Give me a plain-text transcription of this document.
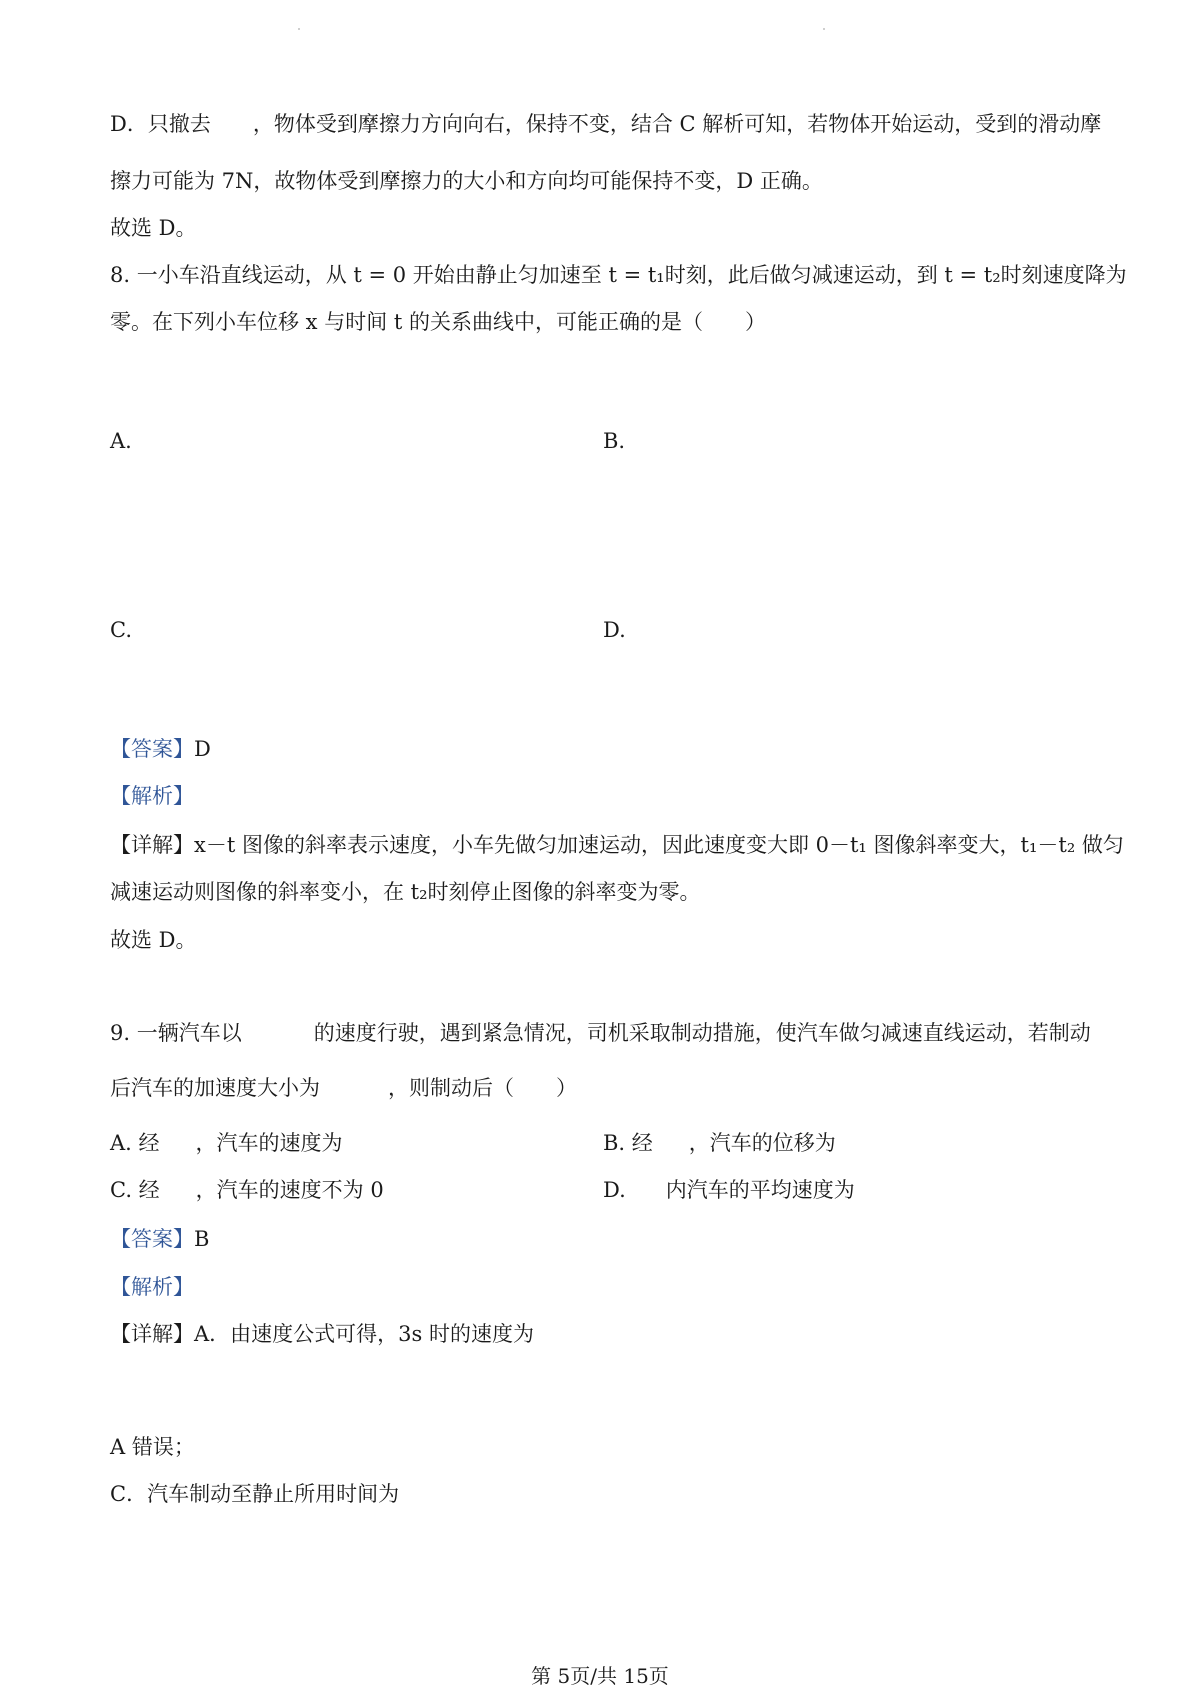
D．只撤去 ，物体受到摩擦力方向向右，保持不变，结合 C 解析可知，若物体开始运动，受到的滑动摩
擦力可能为 7N，故物体受到摩擦力的大小和方向均可能保持不变，D 正确。
故选 D。
8. 一小车沿直线运动，从 t = 0 开始由静止匀加速至 t = t₁时刻，此后做匀减速运动，到 t = t₂时刻速度降为
零。在下列小车位移 x 与时间 t 的关系曲线中，可能正确的是（　　）
A.	B.
C.	D.
【答案】D
【解析】
【详解】x－t 图像的斜率表示速度，小车先做匀加速运动，因此速度变大即 0－t₁ 图像斜率变大，t₁－t₂ 做匀
减速运动则图像的斜率变小，在 t₂时刻停止图像的斜率变为零。
故选 D。
9. 一辆汽车以	的速度行驶，遇到紧急情况，司机采取制动措施，使汽车做匀减速直线运动，若制动
后汽车的加速度大小为	，则制动后（　　）
A. 经 ，汽车的速度为	B. 经 ，汽车的位移为
C. 经 ，汽车的速度不为 0	D. 内汽车的平均速度为
【答案】B
【解析】
【详解】A．由速度公式可得，3s 时的速度为
A 错误；
C．汽车制动至静止所用时间为
第 5页/共 15页
